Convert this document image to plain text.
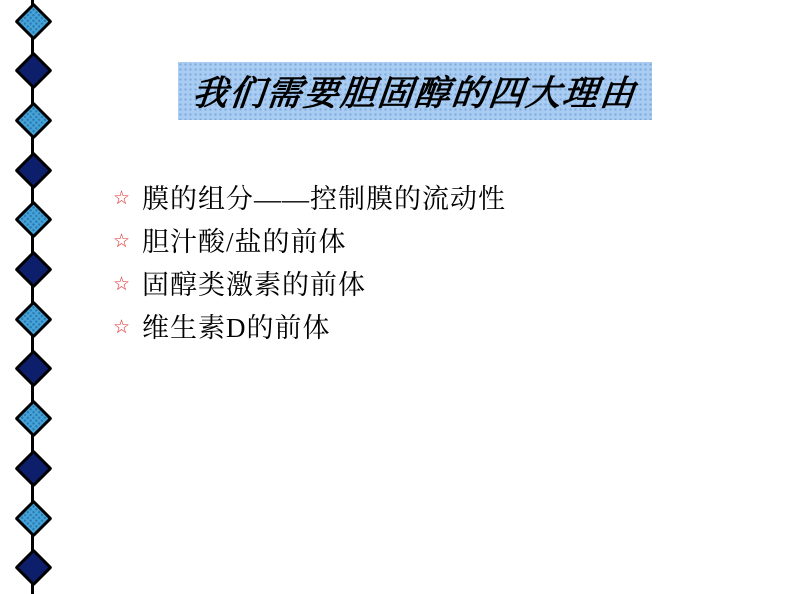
我们需要胆固醇的四大理由
☆ 膜的组分——控制膜的流动性
☆ 胆汁酸/盐的前体
☆ 固醇类激素的前体
☆ 维生素D的前体
